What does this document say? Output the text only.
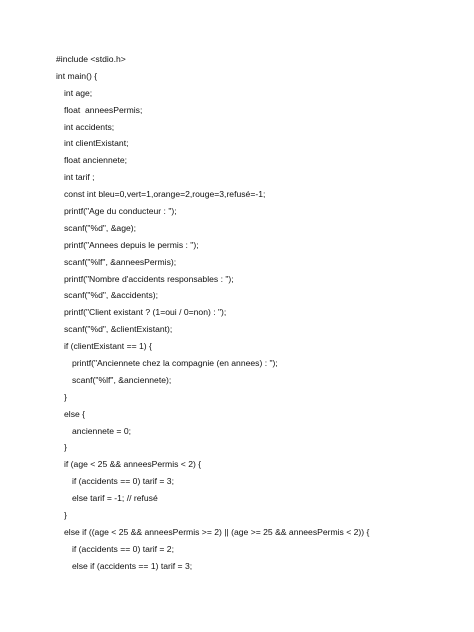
#include <stdio.h>
int main() {
int age;
float  anneesPermis;
int accidents;
int clientExistant;
float anciennete;
int tarif ;
const int bleu=0,vert=1,orange=2,rouge=3,refusé=-1;
printf("Age du conducteur : ");
scanf("%d", &age);
printf("Annees depuis le permis : ");
scanf("%lf", &anneesPermis);
printf("Nombre d'accidents responsables : ");
scanf("%d", &accidents);
printf("Client existant ? (1=oui / 0=non) : ");
scanf("%d", &clientExistant);
if (clientExistant == 1) {
printf("Anciennete chez la compagnie (en annees) : ");
scanf("%lf", &anciennete);
}
else {
anciennete = 0;
}
if (age < 25 && anneesPermis < 2) {
if (accidents == 0) tarif = 3;
else tarif = -1; // refusé
}
else if ((age < 25 && anneesPermis >= 2) || (age >= 25 && anneesPermis < 2)) {
if (accidents == 0) tarif = 2;
else if (accidents == 1) tarif = 3;
